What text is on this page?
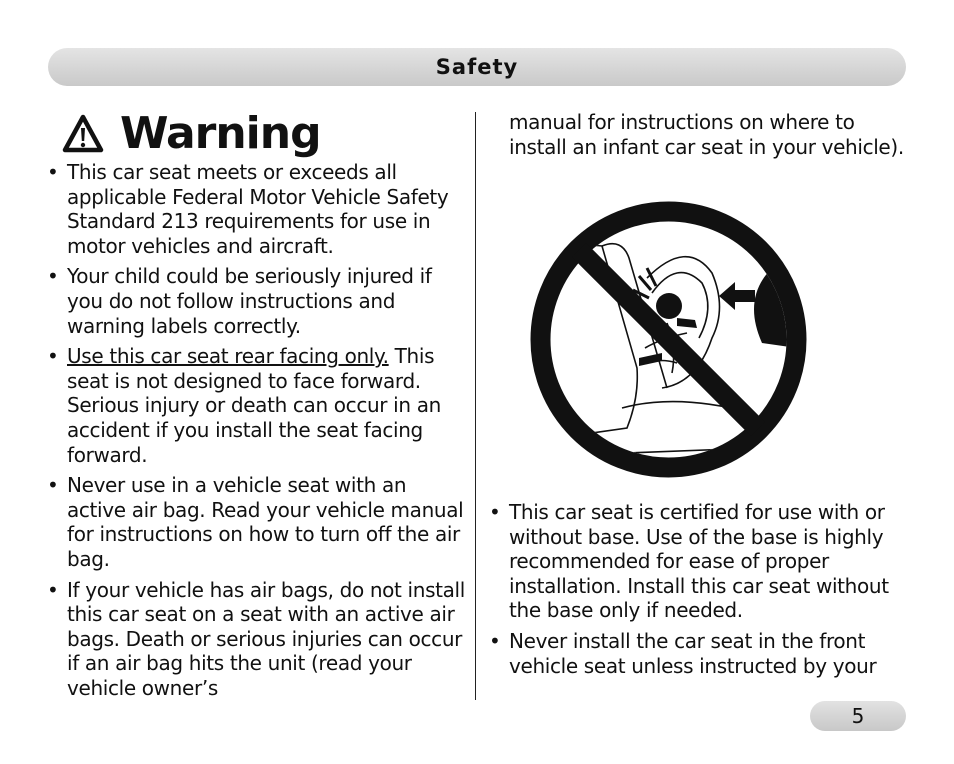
Safety
Warning
• This car seat meets or exceeds all applicable Federal Motor Vehicle Safety Standard 213 requirements for use in motor vehicles and aircraft.
• Your child could be seriously injured if you do not follow instructions and warning labels correctly.
• Use this car seat rear facing only. This seat is not designed to face forward. Serious injury or death can occur in an accident if you install the seat facing forward.
• Never use in a vehicle seat with an active air bag. Read your vehicle manual for instructions on how to turn off the air bag.
• If your vehicle has air bags, do not install this car seat on a seat with an active air bags. Death or serious injuries can occur if an air bag hits the unit (read your vehicle owner’s

manual for instructions on where to install an infant car seat in your vehicle).

• This car seat is certified for use with or without base. Use of the base is highly recommended for ease of proper installation. Install this car seat without the base only if needed.
• Never install the car seat in the front vehicle seat unless instructed by your
5
